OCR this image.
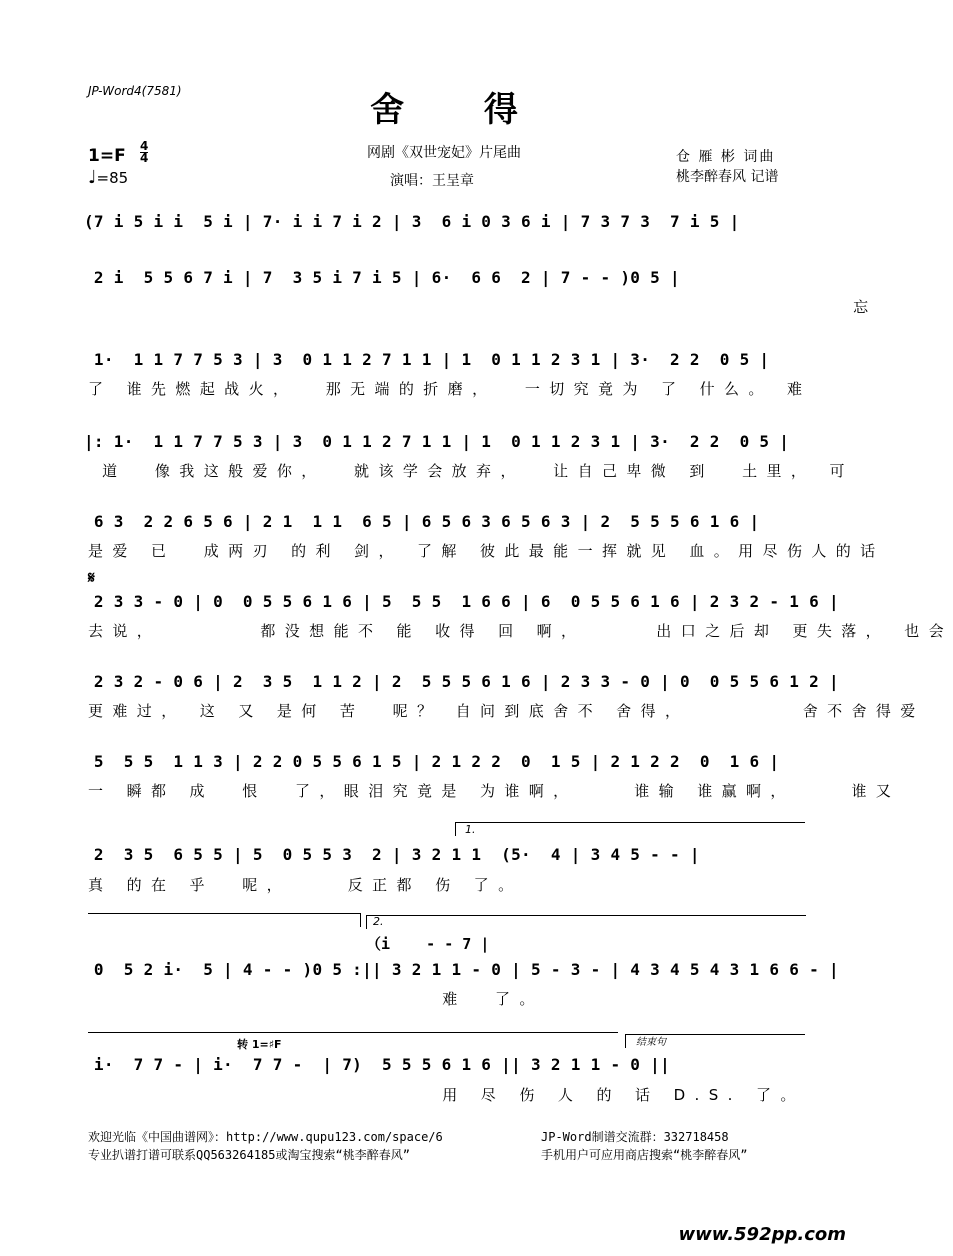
JP-Word4(7581)	舍 得
1=F 4
4
♩=85
网剧《双世宠妃》片尾曲
演唱：王呈章
仓 雁 彬 词曲
桃李醉春风 记谱
(7 i 5 i i  5 i | 7· i i 7 i 2 | 3  6 i 0 3 6 i | 7 3 7 3  7 i 5 |
2 i  5 5 6 7 i | 7  3 5 i 7 i 5 | 6·  6 6  2 | 7 - - )0 5 |
忘
1·  1 1 7 7 5 3 | 3  0 1 1 2 7 1 1 | 1  0 1 1 2 3 1 | 3·  2 2  0 5 |
了 谁先燃起战火，  那无端的折磨，  一切究竟为 了 什么。 难
|: 1·  1 1 7 7 5 3 | 3  0 1 1 2 7 1 1 | 1  0 1 1 2 3 1 | 3·  2 2  0 5 |
道  像我这般爱你，  就该学会放弃，  让自己卑微 到  土里， 可
6 3  2 2 6 5 6 | 2 1  1 1  6 5 | 6 5 6 3 6 5 6 3 | 2  5 5 5 6 1 6 |
是爱 已  成两刃 的利 剑， 了解 彼此最能一挥就见 血。用尽伤人的话
𝄋
2 3 3 - 0 | 0  0 5 5 6 1 6 | 5  5 5  1 6 6 | 6  0 5 5 6 1 6 | 2 3 2 - 1 6 |
去说，       都没想能不 能 收得 回 啊，     出口之后却 更失落， 也会
2 3 2 - 0 6 | 2  3 5  1 1 2 | 2  5 5 5 6 1 6 | 2 3 3 - 0 | 0  0 5 5 6 1 2 |
更难过， 这 又 是何 苦  呢？ 自问到底舍不 舍得，        舍不舍得爱
5  5 5  1 1 3 | 2 2 0 5 5 6 1 5 | 2 1 2 2  0  1 5 | 2 1 2 2  0  1 6 |
一 瞬都 成  恨  了，眼泪究竟是 为谁啊，    谁输 谁赢啊，    谁又
1.
2  3 5  6 5 5 | 5  0 5 5 3  2 | 3 2 1 1  (5·  4 | 3 4 5 - - |
真 的在 乎  呢，    反正都 伤 了。
2.
（i    - - 7 |
0  5 2 i·  5 | 4 - - )0 5 :|| 3 2 1 1 - 0 | 5 - 3 - | 4 3 4 5 4 3 1 6 6 - |
难  了。
结束句
转 1=♯F
i·  7 7 - | i·  7 7 -  | 7)  5 5 5 6 1 6 || 3 2 1 1 - 0 ||
用 尽 伤 人 的 话 D.S. 了。
欢迎光临《中国曲谱网》：http://www.qupu123.com/space/6
专业扒谱打谱可联系QQ563264185或淘宝搜索“桃李醉春风”
JP-Word制谱交流群：332718458
手机用户可应用商店搜索“桃李醉春风”
www.592pp.com
